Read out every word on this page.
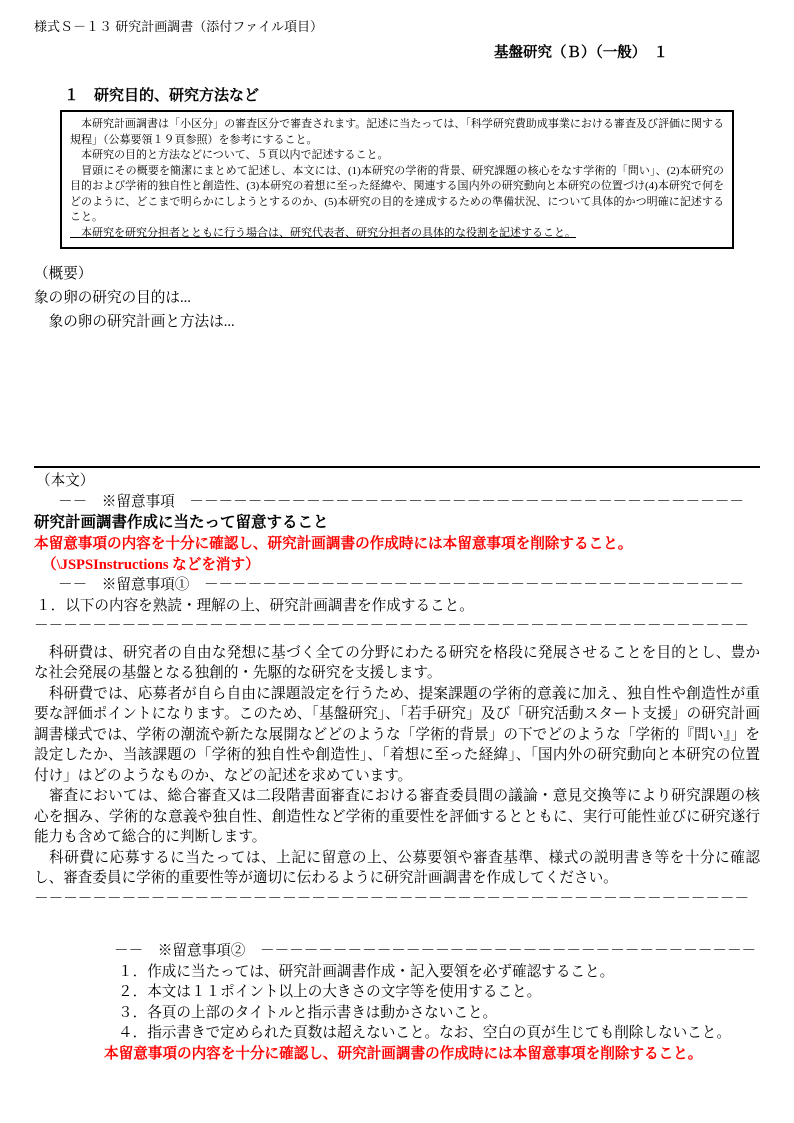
様式Ｓ－１３ 研究計画調書（添付ファイル項目）
基盤研究（Ｂ）（一般）　１
１　研究目的、研究方法など

　本研究計画調書は「小区分」の審査区分で審査されます。記述に当たっては、「科学研究費助成事業における審査及び評価に関する規程」（公募要領１９頁参照）を参考にすること。

　本研究の目的と方法などについて、５頁以内で記述すること。

　冒頭にその概要を簡潔にまとめて記述し、本文には、(1)本研究の学術的背景、研究課題の核心をなす学術的「問い」、(2)本研究の目的および学術的独自性と創造性、(3)本研究の着想に至った経緯や、関連する国内外の研究動向と本研究の位置づけ(4)本研究で何をどのように、どこまで明らかにしようとするのか、(5)本研究の目的を達成するための準備状況、について具体的かつ明確に記述すること。

　本研究を研究分担者とともに行う場合は、研究代表者、研究分担者の具体的な役割を記述すること。

（概要）

象の卵の研究の目的は...

　象の卵の研究計画と方法は...

（本文）

－－　※留意事項　－－－－－－－－－－－－－－－－－－－－－－－－－－－－－－－－－－－－－－

研究計画調書作成に当たって留意すること

本留意事項の内容を十分に確認し、研究計画調書の作成時には本留意事項を削除すること。

（\JSPSInstructions などを消す）

－－　※留意事項①　－－－－－－－－－－－－－－－－－－－－－－－－－－－－－－－－－－－－－

１．以下の内容を熟読・理解の上、研究計画調書を作成すること。

－－－－－－－－－－－－－－－－－－－－－－－－－－－－－－－－－－－－－－－－－－－－－－－－－

　科研費は、研究者の自由な発想に基づく全ての分野にわたる研究を格段に発展させることを目的とし、豊かな社会発展の基盤となる独創的・先駆的な研究を支援します。

　科研費では、応募者が自ら自由に課題設定を行うため、提案課題の学術的意義に加え、独自性や創造性が重要な評価ポイントになります。このため、「基盤研究」、「若手研究」及び「研究活動スタート支援」の研究計画調書様式では、学術の潮流や新たな展開などどのような「学術的背景」の下でどのような「学術的『問い』」を設定したか、当該課題の「学術的独自性や創造性」、「着想に至った経緯」、「国内外の研究動向と本研究の位置付け」はどのようなものか、などの記述を求めています。

　審査においては、総合審査又は二段階書面審査における審査委員間の議論・意見交換等により研究課題の核心を掴み、学術的な意義や独自性、創造性など学術的重要性を評価するとともに、実行可能性並びに研究遂行能力も含めて総合的に判断します。

　科研費に応募するに当たっては、上記に留意の上、公募要領や審査基準、様式の説明書き等を十分に確認し、審査委員に学術的重要性等が適切に伝わるように研究計画調書を作成してください。

－－－－－－－－－－－－－－－－－－－－－－－－－－－－－－－－－－－－－－－－－－－－－－－－－

－－　※留意事項②　－－－－－－－－－－－－－－－－－－－－－－－－－－－－－－－－－－

１．作成に当たっては、研究計画調書作成・記入要領を必ず確認すること。

２．本文は１１ポイント以上の大きさの文字等を使用すること。

３．各頁の上部のタイトルと指示書きは動かさないこと。

４．指示書きで定められた頁数は超えないこと。なお、空白の頁が生じても削除しないこと。

本留意事項の内容を十分に確認し、研究計画調書の作成時には本留意事項を削除すること。
